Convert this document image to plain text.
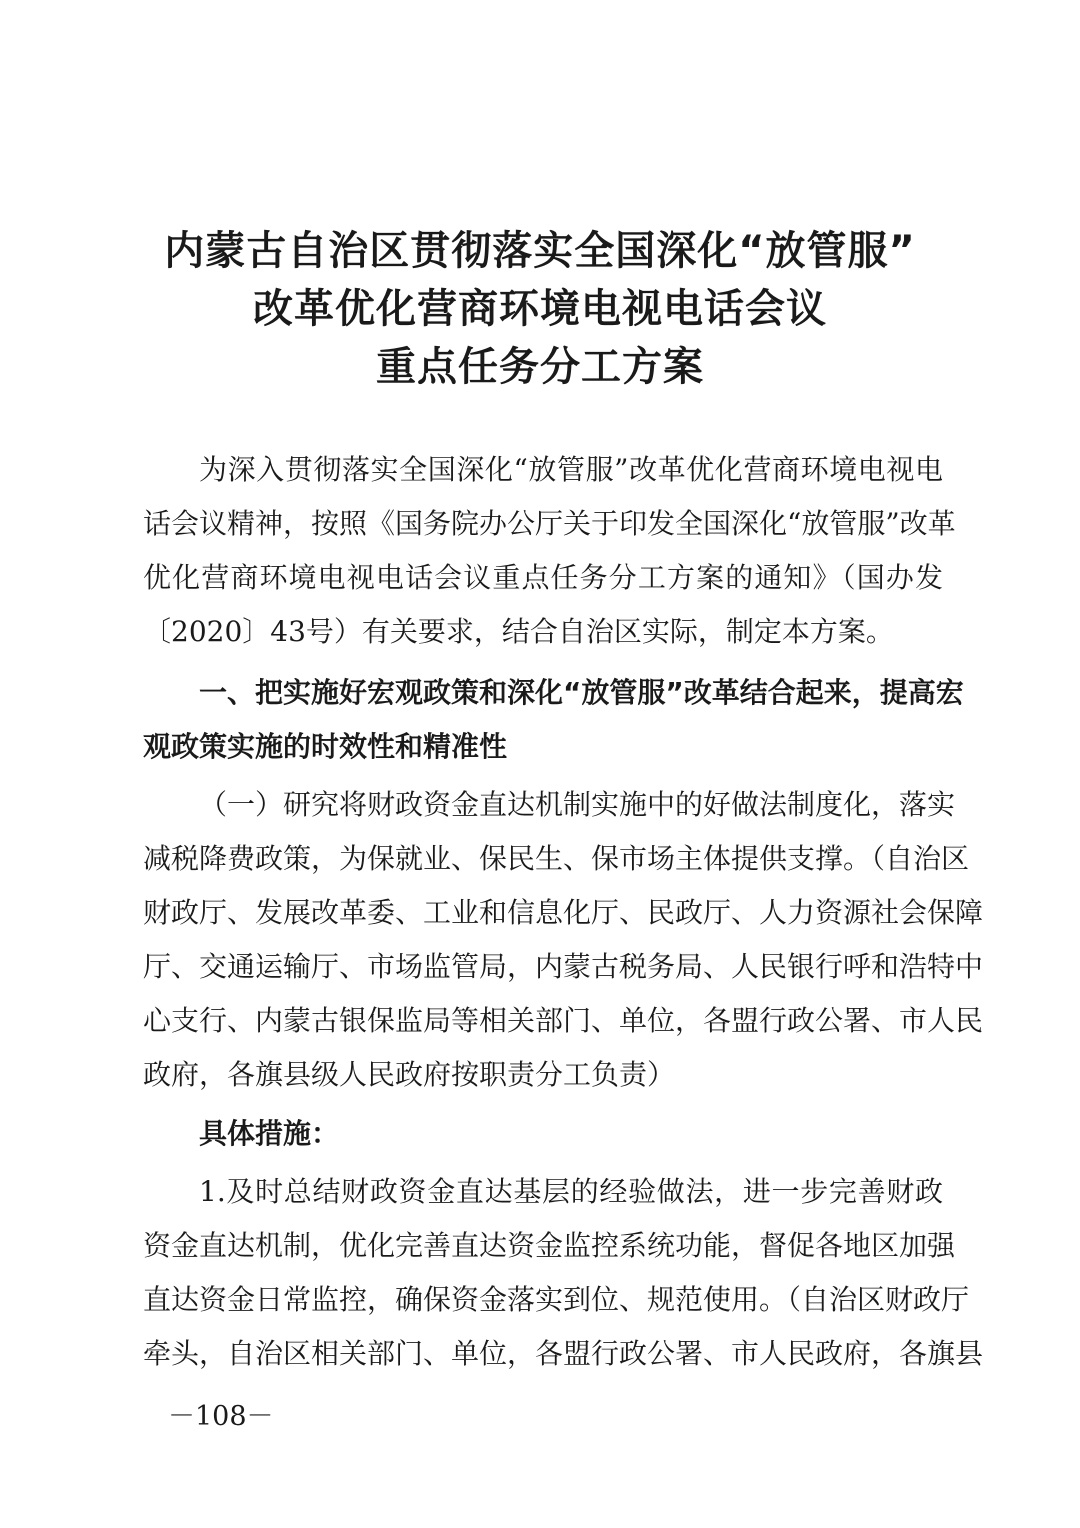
内蒙古自治区贯彻落实全国深化“放管服”
改革优化营商环境电视电话会议
重点任务分工方案
为深入贯彻落实全国深化“放管服”改革优化营商环境电视电
话会议精神，按照《国务院办公厅关于印发全国深化“放管服”改革
优化营商环境电视电话会议重点任务分工方案的通知》（国办发
〔2020〕43号）有关要求，结合自治区实际，制定本方案。
一、把实施好宏观政策和深化“放管服”改革结合起来，提高宏
观政策实施的时效性和精准性
（一）研究将财政资金直达机制实施中的好做法制度化，落实
减税降费政策，为保就业、保民生、保市场主体提供支撑。（自治区
财政厅、发展改革委、工业和信息化厅、民政厅、人力资源社会保障
厅、交通运输厅、市场监管局，内蒙古税务局、人民银行呼和浩特中
心支行、内蒙古银保监局等相关部门、单位，各盟行政公署、市人民
政府，各旗县级人民政府按职责分工负责）
具体措施：
1.及时总结财政资金直达基层的经验做法，进一步完善财政
资金直达机制，优化完善直达资金监控系统功能，督促各地区加强
直达资金日常监控，确保资金落实到位、规范使用。（自治区财政厅
牵头，自治区相关部门、单位，各盟行政公署、市人民政府，各旗县
－108－
